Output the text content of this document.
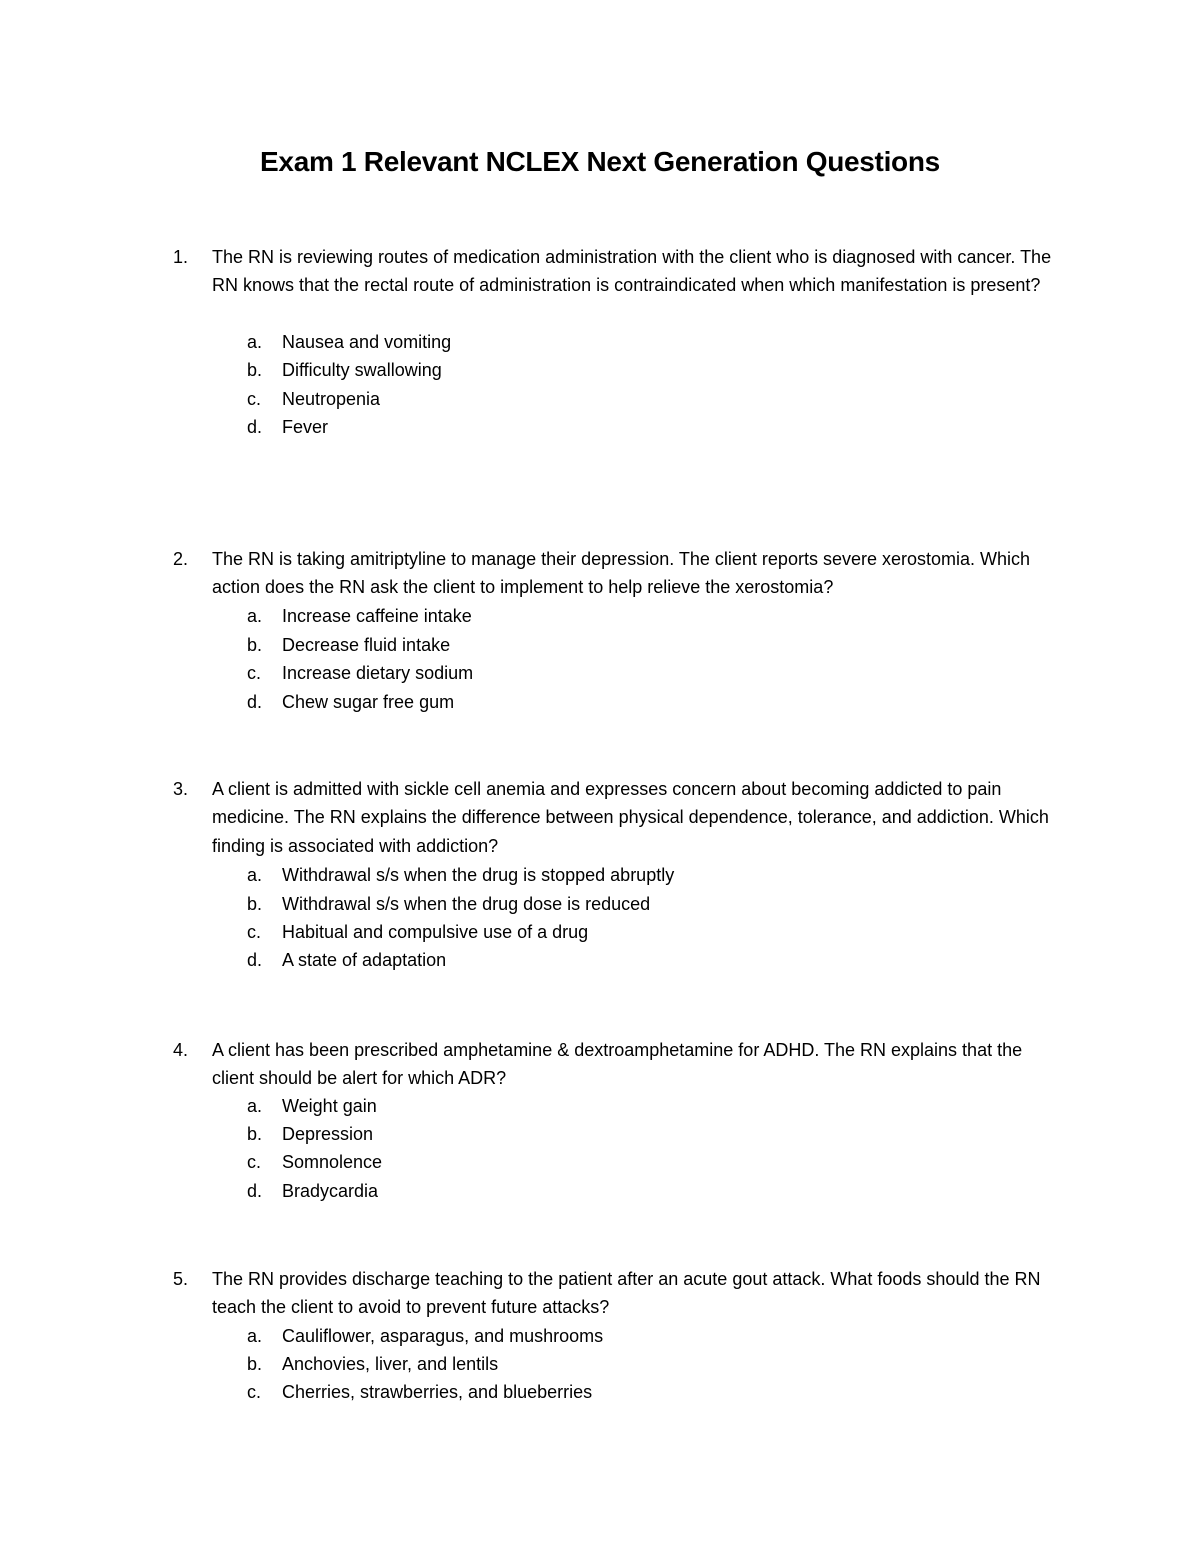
Exam 1 Relevant NCLEX Next Generation Questions
1. The RN is reviewing routes of medication administration with the client who is diagnosed with cancer. The RN knows that the rectal route of administration is contraindicated when which manifestation is present?

a. Nausea and vomiting
b. Difficulty swallowing
c. Neutropenia
d. Fever
2. The RN is taking amitriptyline to manage their depression. The client reports severe xerostomia. Which action does the RN ask the client to implement to help relieve the xerostomia?

a. Increase caffeine intake
b. Decrease fluid intake
c. Increase dietary sodium
d. Chew sugar free gum
3. A client is admitted with sickle cell anemia and expresses concern about becoming addicted to pain medicine. The RN explains the difference between physical dependence, tolerance, and addiction. Which finding is associated with addiction?

a. Withdrawal s/s when the drug is stopped abruptly
b. Withdrawal s/s when the drug dose is reduced
c. Habitual and compulsive use of a drug
d. A state of adaptation
4. A client has been prescribed amphetamine & dextroamphetamine for ADHD. The RN explains that the client should be alert for which ADR?

a. Weight gain
b. Depression
c. Somnolence
d. Bradycardia
5. The RN provides discharge teaching to the patient after an acute gout attack. What foods should the RN teach the client to avoid to prevent future attacks?

a. Cauliflower, asparagus, and mushrooms
b. Anchovies, liver, and lentils
c. Cherries, strawberries, and blueberries
